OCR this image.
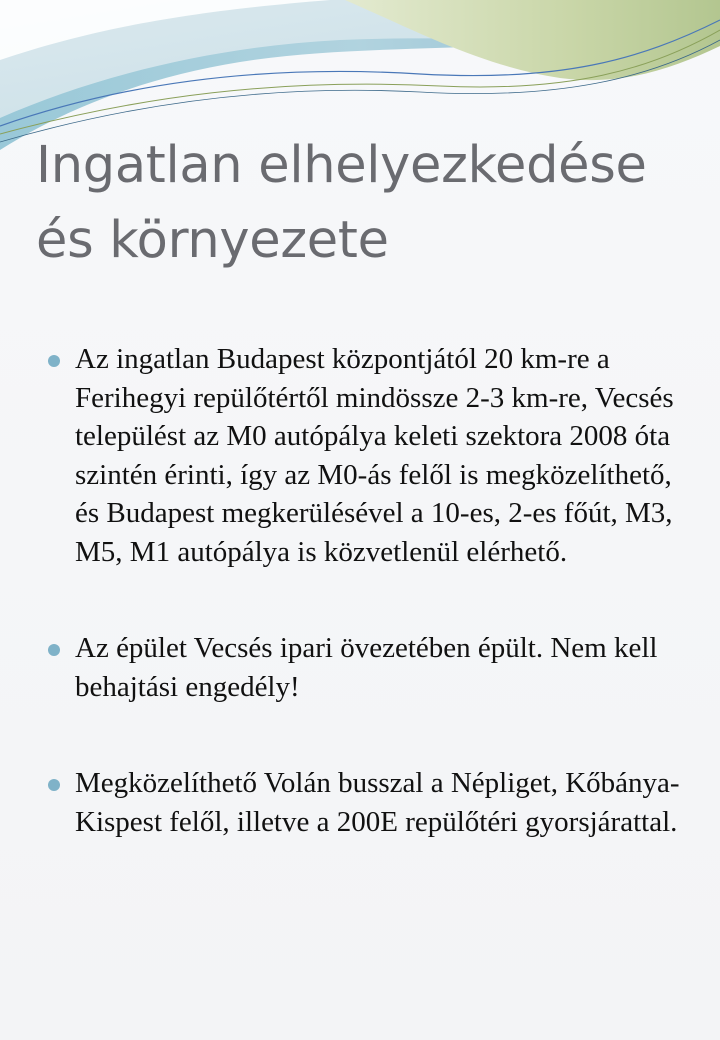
Ingatlan elhelyezkedése
és környezete
Az ingatlan Budapest központjától 20 km-re a Ferihegyi repülőtértől mindössze 2-3 km-re, Vecsés települést az M0 autópálya keleti szektora 2008 óta szintén érinti, így az M0-ás felől is megközelíthető, és Budapest megkerülésével a 10-es, 2-es főút, M3, M5, M1 autópálya is közvetlenül elérhető.
Az épület Vecsés ipari övezetében épült. Nem kell behajtási engedély!
Megközelíthető Volán busszal a Népliget, Kőbánya-Kispest felől, illetve a 200E repülőtéri gyorsjárattal.
